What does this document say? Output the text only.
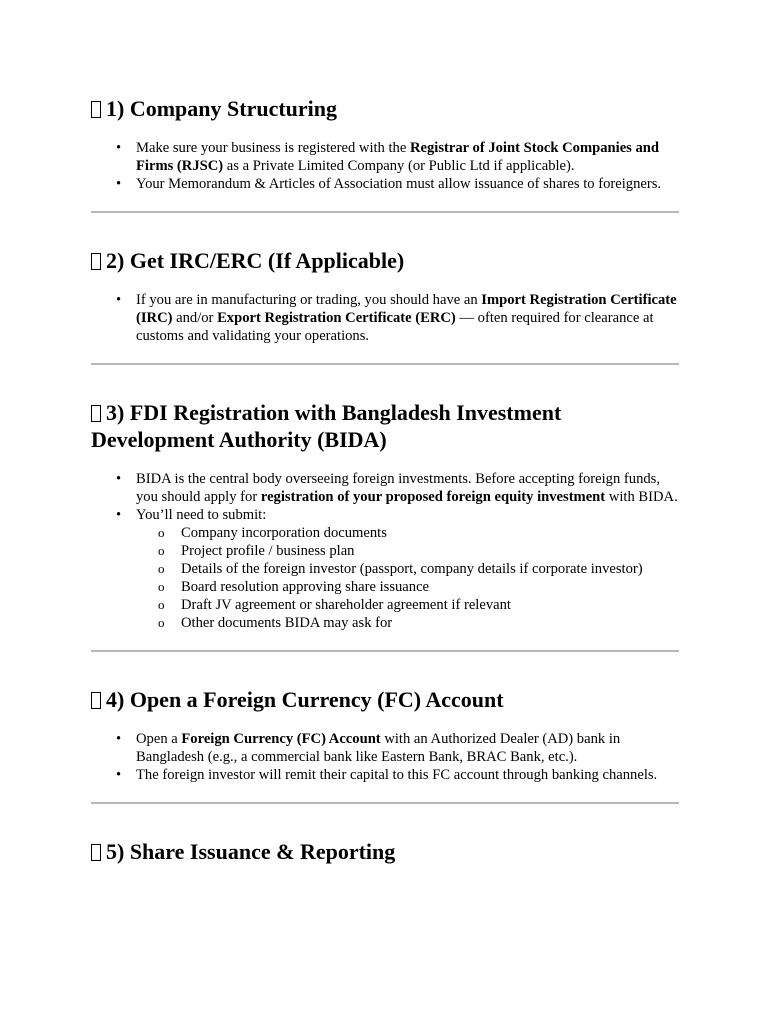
1) Company Structuring
• Make sure your business is registered with the Registrar of Joint Stock Companies and Firms (RJSC) as a Private Limited Company (or Public Ltd if applicable).
• Your Memorandum & Articles of Association must allow issuance of shares to foreigners.
2) Get IRC/ERC (If Applicable)
• If you are in manufacturing or trading, you should have an Import Registration Certificate (IRC) and/or Export Registration Certificate (ERC) — often required for clearance at customs and validating your operations.
3) FDI Registration with Bangladesh Investment Development Authority (BIDA)
• BIDA is the central body overseeing foreign investments. Before accepting foreign funds, you should apply for registration of your proposed foreign equity investment with BIDA.
• You’ll need to submit:
o Company incorporation documents
o Project profile / business plan
o Details of the foreign investor (passport, company details if corporate investor)
o Board resolution approving share issuance
o Draft JV agreement or shareholder agreement if relevant
o Other documents BIDA may ask for
4) Open a Foreign Currency (FC) Account
• Open a Foreign Currency (FC) Account with an Authorized Dealer (AD) bank in Bangladesh (e.g., a commercial bank like Eastern Bank, BRAC Bank, etc.).
• The foreign investor will remit their capital to this FC account through banking channels.
5) Share Issuance & Reporting
